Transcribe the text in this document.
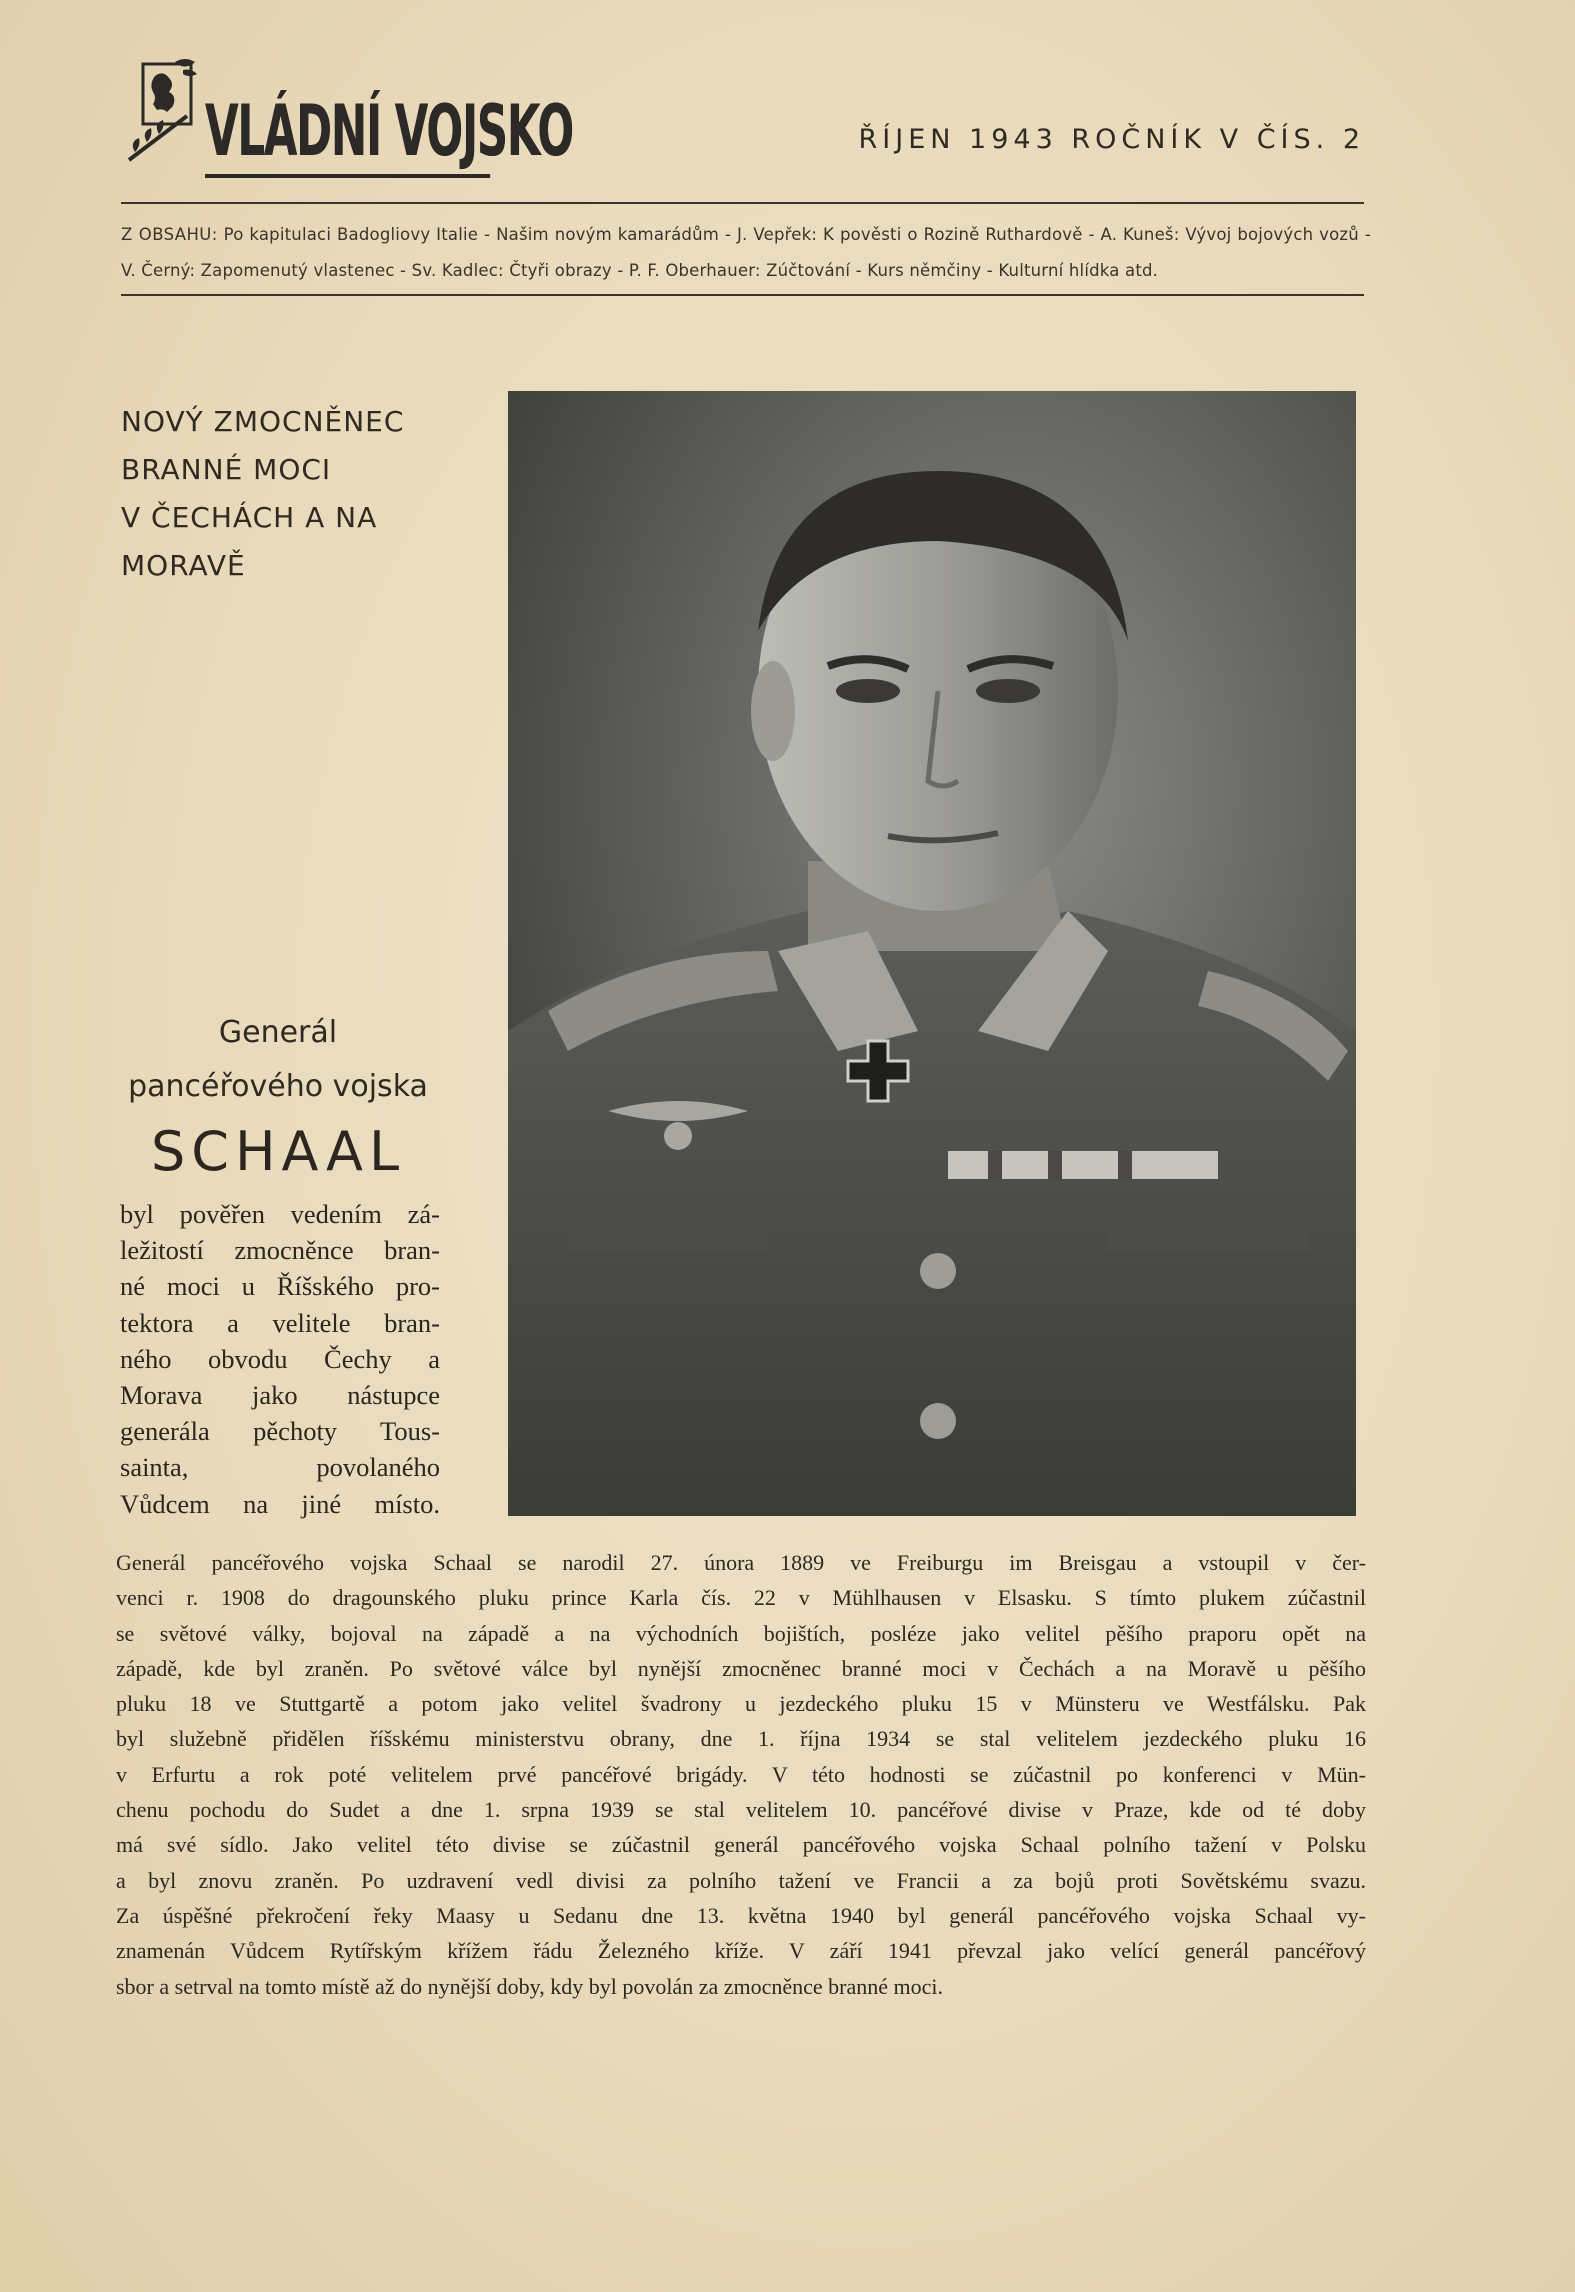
VLÁDNÍ VOJSKO	ŘÍJEN 1943 ROČNÍK V ČÍS. 2
Z OBSAHU: Po kapitulaci Badogliovy Italie - Našim novým kamarádům - J. Vepřek: K pověsti o Rozině Ruthardově - A. Kuneš: Vývoj bojových vozů - V. Černý: Zapomenutý vlastenec - Sv. Kadlec: Čtyři obrazy - P. F. Oberhauer: Zúčtování - Kurs němčiny - Kulturní hlídka atd.
NOVÝ ZMOCNĚNEC
BRANNÉ MOCI
V ČECHÁCH A NA
MORAVĚ
Generál
pancéřového vojska
SCHAAL
byl pověřen vedením zá-
ležitostí zmocněnce bran-
né moci u Říšského pro-
tektora a velitele bran-
ného obvodu Čechy a
Morava jako nástupce
generála pěchoty Tous-
sainta, povolaného
Vůdcem na jiné místo.
Generál pancéřového vojska Schaal se narodil 27. února 1889 ve Freiburgu im Breisgau a vstoupil v čer-
venci r. 1908 do dragounského pluku prince Karla čís. 22 v Mühlhausen v Elsasku. S tímto plukem zúčastnil
se světové války, bojoval na západě a na východních bojištích, posléze jako velitel pěšího praporu opět na
západě, kde byl zraněn. Po světové válce byl nynější zmocněnec branné moci v Čechách a na Moravě u pěšího
pluku 18 ve Stuttgartě a potom jako velitel švadrony u jezdeckého pluku 15 v Münsteru ve Westfálsku. Pak
byl služebně přidělen říšskému ministerstvu obrany, dne 1. října 1934 se stal velitelem jezdeckého pluku 16
v Erfurtu a rok poté velitelem prvé pancéřové brigády. V této hodnosti se zúčastnil po konferenci v Mün-
chenu pochodu do Sudet a dne 1. srpna 1939 se stal velitelem 10. pancéřové divise v Praze, kde od té doby
má své sídlo. Jako velitel této divise se zúčastnil generál pancéřového vojska Schaal polního tažení v Polsku
a byl znovu zraněn. Po uzdravení vedl divisi za polního tažení ve Francii a za bojů proti Sovětskému svazu.
Za úspěšné překročení řeky Maasy u Sedanu dne 13. května 1940 byl generál pancéřového vojska Schaal vy-
znamenán Vůdcem Rytířským křížem řádu Železného kříže. V září 1941 převzal jako velící generál pancéřový
sbor a setrval na tomto místě až do nynější doby, kdy byl povolán za zmocněnce branné moci.
